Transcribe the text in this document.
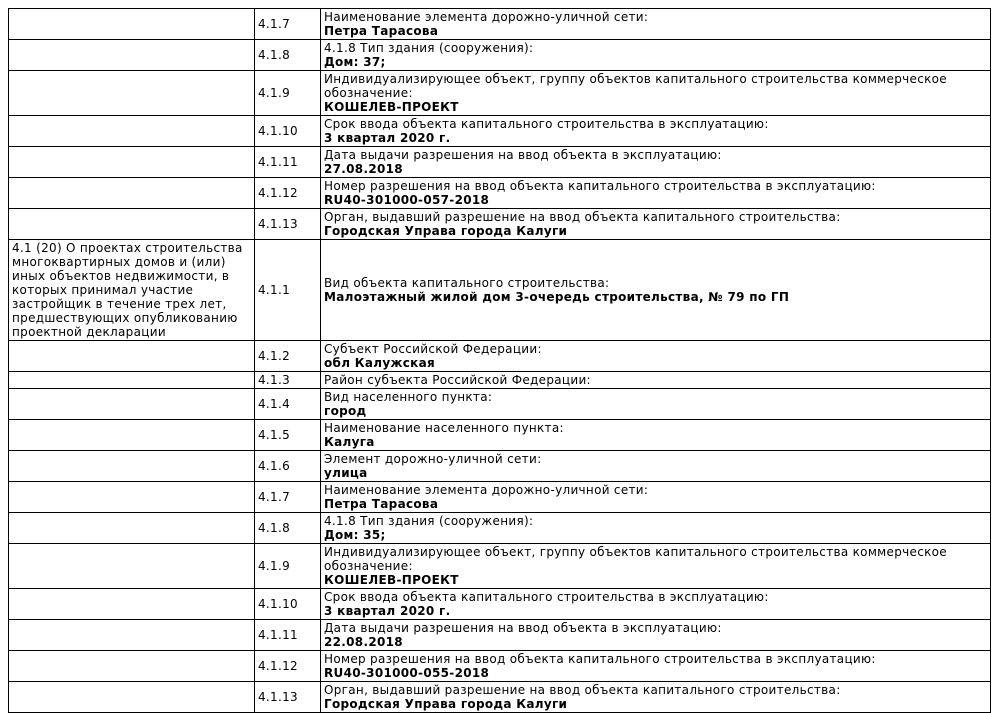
	4.1.7	Наименование элемента дорожно-уличной сети:
Петра Тарасова

	4.1.8	4.1.8 Тип здания (сооружения):
Дом: 37;

	4.1.9	Индивидуализирующее объект, группу объектов капитального строительства коммерческое обозначение:
КОШЕЛЕВ-ПРОЕКТ

	4.1.10	Срок ввода объекта капитального строительства в эксплуатацию:
3 квартал 2020 г.

	4.1.11	Дата выдачи разрешения на ввод объекта в эксплуатацию:
27.08.2018

	4.1.12	Номер разрешения на ввод объекта капитального строительства в эксплуатацию:
RU40-301000-057-2018

	4.1.13	Орган, выдавший разрешение на ввод объекта капитального строительства:
Городская Управа города Калуги

4.1 (20) О проектах строительства многоквартирных домов и (или) иных объектов недвижимости, в которых принимал участие застройщик в течение трех лет, предшествующих опубликованию проектной декларации	4.1.1	Вид объекта капитального строительства:
Малоэтажный жилой дом 3-очередь строительства, № 79 по ГП

	4.1.2	Субъект Российской Федерации:
обл Калужская

	4.1.3	Район субъекта Российской Федерации:

	4.1.4	Вид населенного пункта:
город

	4.1.5	Наименование населенного пункта:
Калуга

	4.1.6	Элемент дорожно-уличной сети:
улица

	4.1.7	Наименование элемента дорожно-уличной сети:
Петра Тарасова

	4.1.8	4.1.8 Тип здания (сооружения):
Дом: 35;

	4.1.9	Индивидуализирующее объект, группу объектов капитального строительства коммерческое обозначение:
КОШЕЛЕВ-ПРОЕКТ

	4.1.10	Срок ввода объекта капитального строительства в эксплуатацию:
3 квартал 2020 г.

	4.1.11	Дата выдачи разрешения на ввод объекта в эксплуатацию:
22.08.2018

	4.1.12	Номер разрешения на ввод объекта капитального строительства в эксплуатацию:
RU40-301000-055-2018

	4.1.13	Орган, выдавший разрешение на ввод объекта капитального строительства:
Городская Управа города Калуги
